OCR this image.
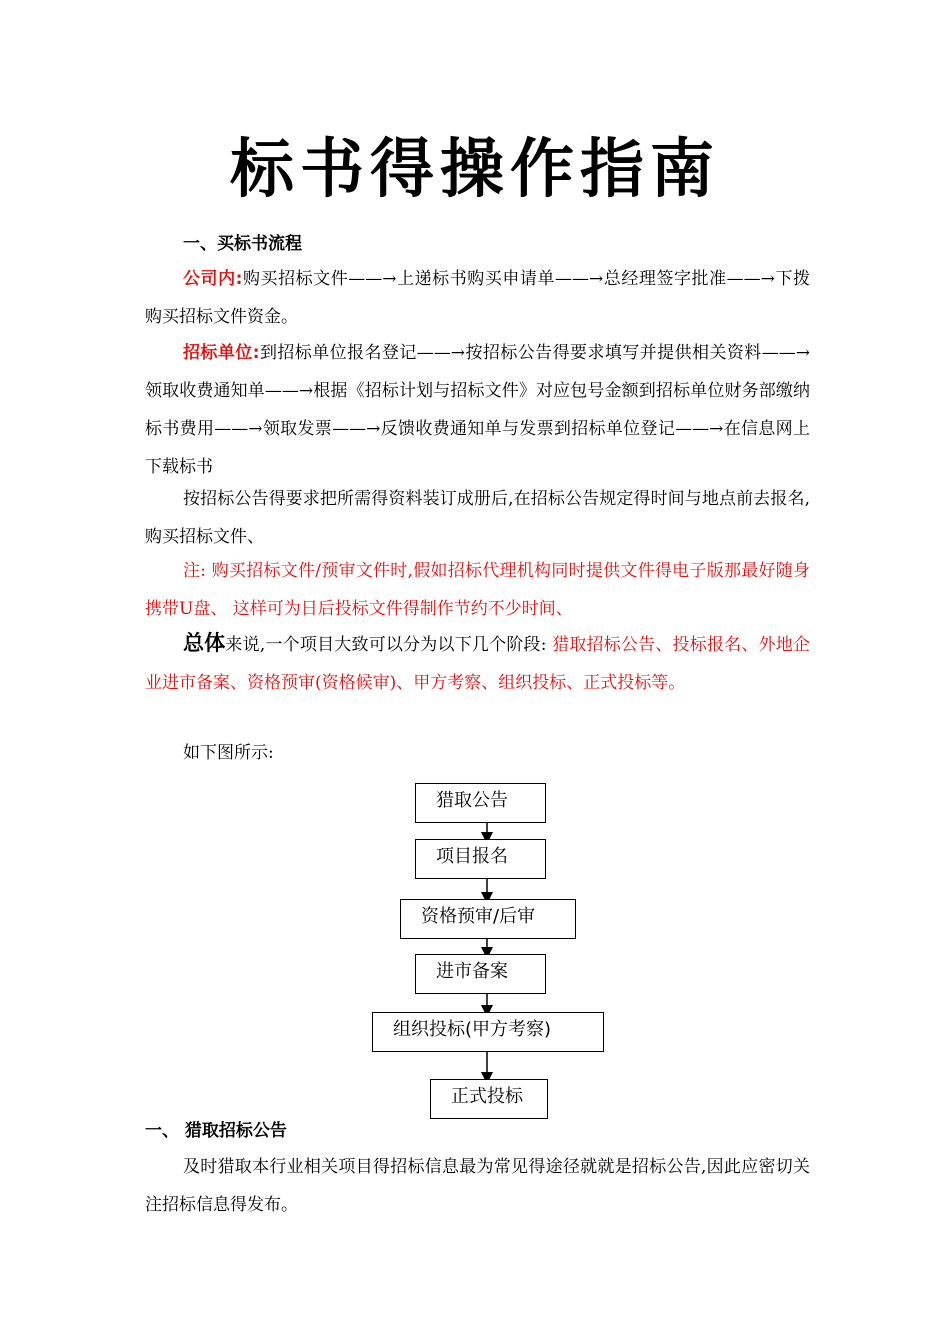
标书得操作指南
一、买标书流程
公司内:购买招标文件——→上递标书购买申请单——→总经理签字批准——→下拨购买招标文件资金。
招标单位:到招标单位报名登记——→按招标公告得要求填写并提供相关资料——→领取收费通知单——→根据《招标计划与招标文件》对应包号金额到招标单位财务部缴纳标书费用——→领取发票——→反馈收费通知单与发票到招标单位登记——→在信息网上下载标书
按招标公告得要求把所需得资料装订成册后,在招标公告规定得时间与地点前去报名,购买招标文件、
注: 购买招标文件/预审文件时,假如招标代理机构同时提供文件得电子版那最好随身携带U盘、 这样可为日后投标文件得制作节约不少时间、
总体来说,一个项目大致可以分为以下几个阶段: 猎取招标公告、投标报名、外地企业进市备案、资格预审(资格候审)、甲方考察、组织投标、正式投标等。
如下图所示:
猎取公告
项目报名
资格预审/后审
进市备案
组织投标(甲方考察)
正式投标
一、 猎取招标公告
及时猎取本行业相关项目得招标信息最为常见得途径就就是招标公告,因此应密切关注招标信息得发布。
